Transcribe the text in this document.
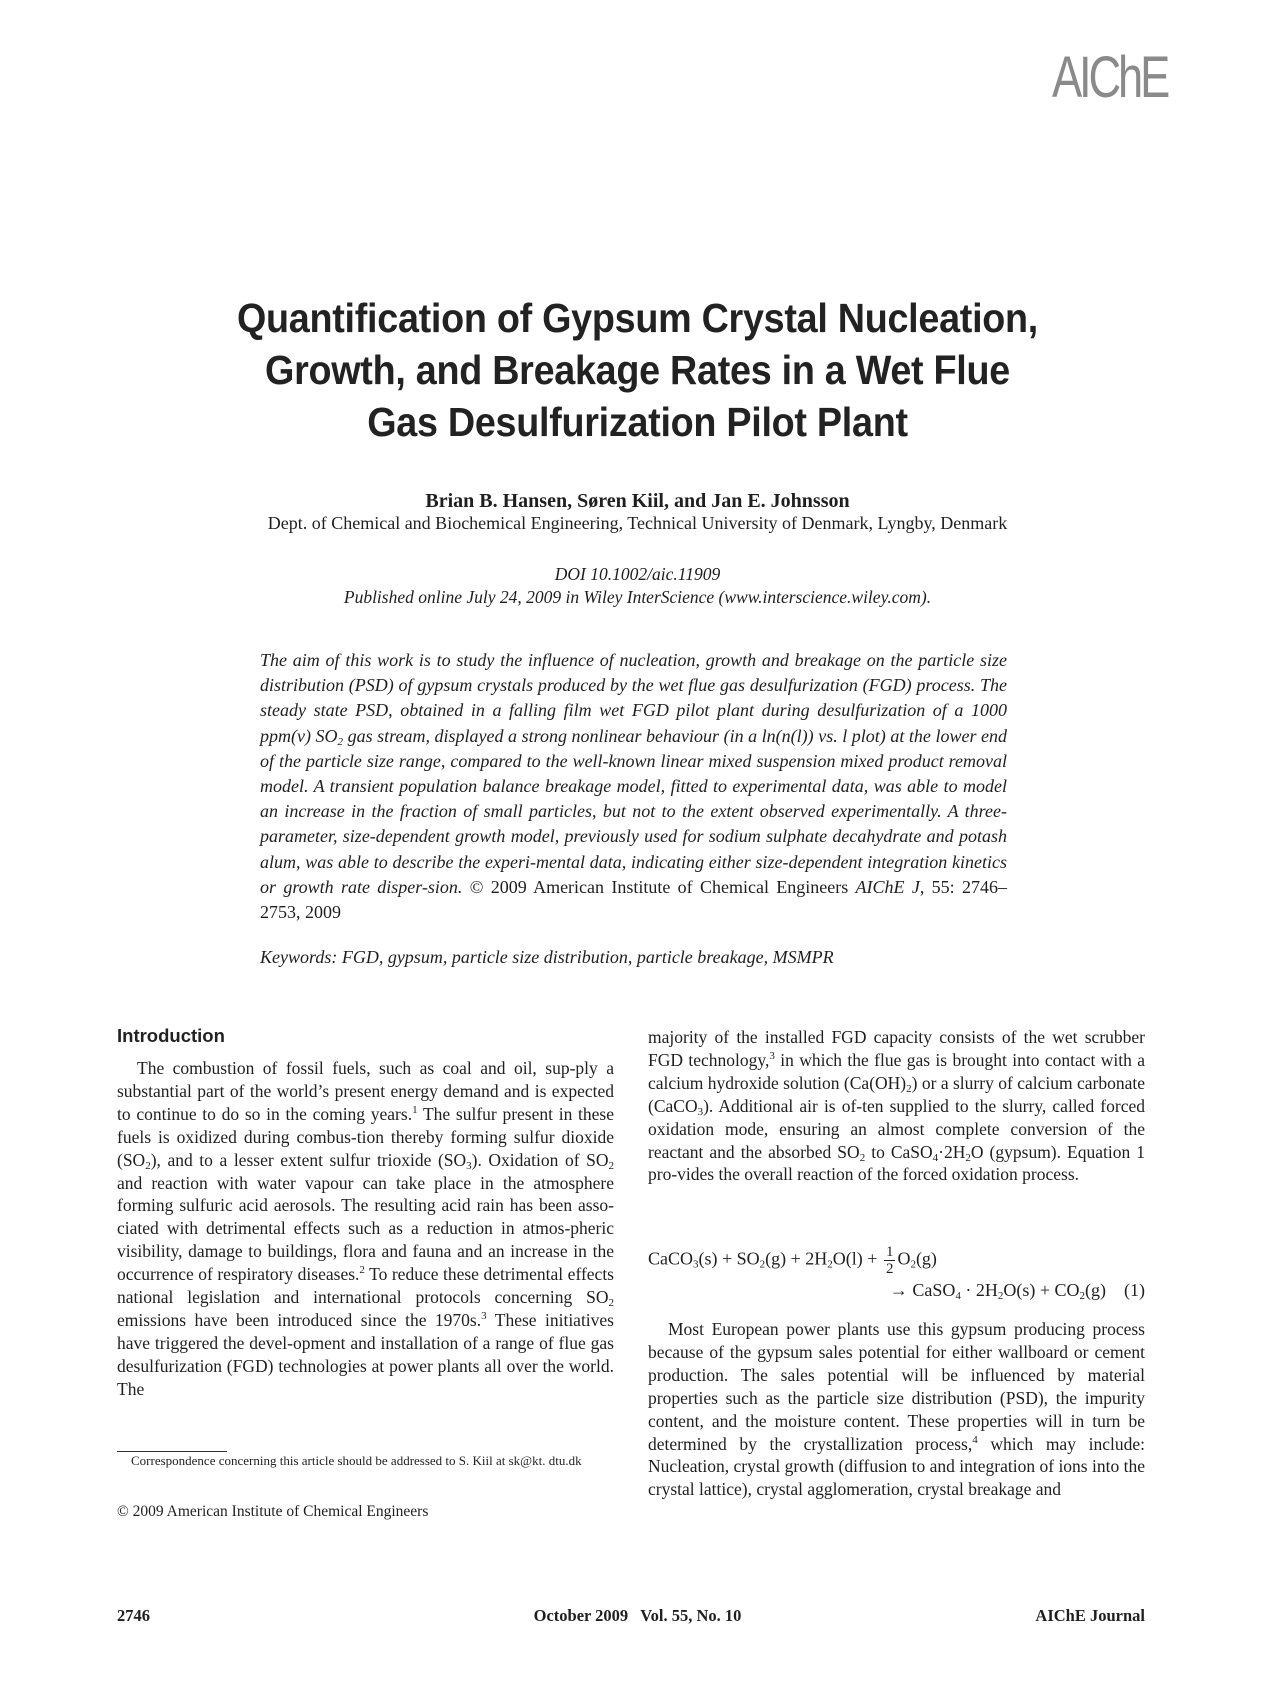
AIChE
Quantification of Gypsum Crystal Nucleation,
Growth, and Breakage Rates in a Wet Flue
Gas Desulfurization Pilot Plant
Brian B. Hansen, Søren Kiil, and Jan E. Johnsson
Dept. of Chemical and Biochemical Engineering, Technical University of Denmark, Lyngby, Denmark
DOI 10.1002/aic.11909
Published online July 24, 2009 in Wiley InterScience (www.interscience.wiley.com).
The aim of this work is to study the influence of nucleation, growth and breakage on the particle size distribution (PSD) of gypsum crystals produced by the wet flue gas desulfurization (FGD) process. The steady state PSD, obtained in a falling film wet FGD pilot plant during desulfurization of a 1000 ppm(v) $SO_2$ gas stream, displayed a strong nonlinear behaviour (in a ln(n(l)) vs. l plot) at the lower end of the particle size range, compared to the well-known linear mixed suspension mixed product removal model. A transient population balance breakage model, fitted to experimental data, was able to model an increase in the fraction of small particles, but not to the extent observed experimentally. A three-parameter, size-dependent growth model, previously used for sodium sulphate decahydrate and potash alum, was able to describe the experi-mental data, indicating either size-dependent integration kinetics or growth rate disper-sion. © 2009 American Institute of Chemical Engineers AIChE J, 55: 2746–2753, 2009
Keywords: FGD, gypsum, particle size distribution, particle breakage, MSMPR
Introduction

The combustion of fossil fuels, such as coal and oil, sup-ply a substantial part of the world’s present energy demand and is expected to continue to do so in the coming years.$^1$ The sulfur present in these fuels is oxidized during combus-tion thereby forming sulfur dioxide $(SO_2)$, and to a lesser extent sulfur trioxide $(SO_3)$. Oxidation of $SO_2$ and reaction with water vapour can take place in the atmosphere forming sulfuric acid aerosols. The resulting acid rain has been asso-ciated with detrimental effects such as a reduction in atmos-pheric visibility, damage to buildings, flora and fauna and an increase in the occurrence of respiratory diseases.$^2$ To reduce these detrimental effects national legislation and international protocols concerning $SO_2$ emissions have been introduced since the 1970s.$^3$ These initiatives have triggered the devel-opment and installation of a range of flue gas desulfurization (FGD) technologies at power plants all over the world. The

majority of the installed FGD capacity consists of the wet scrubber FGD technology,$^3$ in which the flue gas is brought into contact with a calcium hydroxide solution $(Ca(OH)_2)$ or a slurry of calcium carbonate (CaCO$_3$). Additional air is of-ten supplied to the slurry, called forced oxidation mode, ensuring an almost complete conversion of the reactant and the absorbed $SO_2$ to $CaSO_4\cdot 2H_2O$ (gypsum). Equation 1 pro-vides the overall reaction of the forced oxidation process.

CaCO$_3$(s) + $SO_2(g) + 2H_2O(l) + \frac{1}{2} O_2(g)$
→ CaSO$_4$ · $2H_2O(s) + CO_2(g)$    (1)

Most European power plants use this gypsum producing process because of the gypsum sales potential for either wallboard or cement production. The sales potential will be influenced by material properties such as the particle size distribution (PSD), the impurity content, and the moisture content. These properties will in turn be determined by the crystallization process,$^4$ which may include: Nucleation, crystal growth (diffusion to and integration of ions into the crystal lattice), crystal agglomeration, crystal breakage and

Correspondence concerning this article should be addressed to S. Kiil at sk@kt. dtu.dk
© 2009 American Institute of Chemical Engineers
2746	October 2009   Vol. 55, No. 10	AIChE Journal
